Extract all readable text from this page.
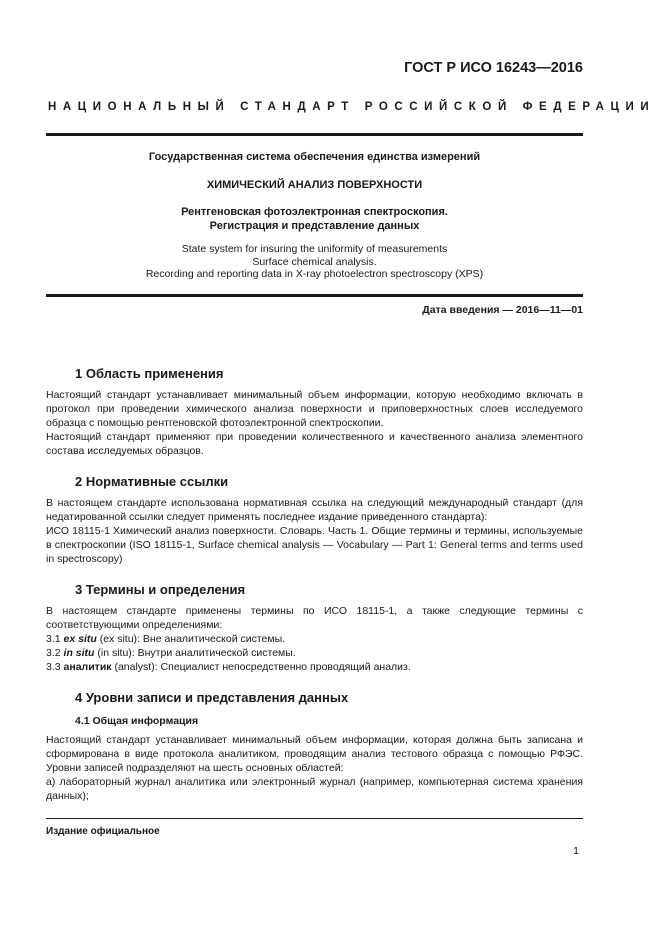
ГОСТ Р ИСО 16243—2016
НАЦИОНАЛЬНЫЙ СТАНДАРТ РОССИЙСКОЙ ФЕДЕРАЦИИ
Государственная система обеспечения единства измерений
ХИМИЧЕСКИЙ АНАЛИЗ ПОВЕРХНОСТИ
Рентгеновская фотоэлектронная спектроскопия.
Регистрация и представление данных
State system for insuring the uniformity of measurements
Surface chemical analysis.
Recording and reporting data in X-ray photoelectron spectroscopy (XPS)
Дата введения — 2016—11—01
1 Область применения

Настоящий стандарт устанавливает минимальный объем информации, которую необходимо включать в протокол при проведении химического анализа поверхности и приповерхностных слоев исследуемого образца с помощью рентгеновской фотоэлектронной спектроскопии.

Настоящий стандарт применяют при проведении количественного и качественного анализа элементного состава исследуемых образцов.

2 Нормативные ссылки

В настоящем стандарте использована нормативная ссылка на следующий международный стандарт (для недатированной ссылки следует применять последнее издание приведенного стандарта):

ИСО 18115-1 Химический анализ поверхности. Словарь. Часть 1. Общие термины и термины, используемые в спектроскопии (ISO 18115-1, Surface chemical analysis — Vocabulary — Part 1: General terms and terms used in spectroscopy)

3 Термины и определения

В настоящем стандарте применены термины по ИСО 18115-1, а также следующие термины с соответствующими определениями:

3.1 ex situ (ex situ): Вне аналитической системы.

3.2 in situ (in situ): Внутри аналитической системы.

3.3 аналитик (analyst): Специалист непосредственно проводящий анализ.

4 Уровни записи и представления данных
4.1 Общая информация

Настоящий стандарт устанавливает минимальный объем информации, которая должна быть записана и сформирована в виде протокола аналитиком, проводящим анализ тестового образца с помощью РФЭС. Уровни записей подразделяют на шесть основных областей:

а) лабораторный журнал аналитика или электронный журнал (например, компьютерная система хранения данных);

Издание официальное
1
